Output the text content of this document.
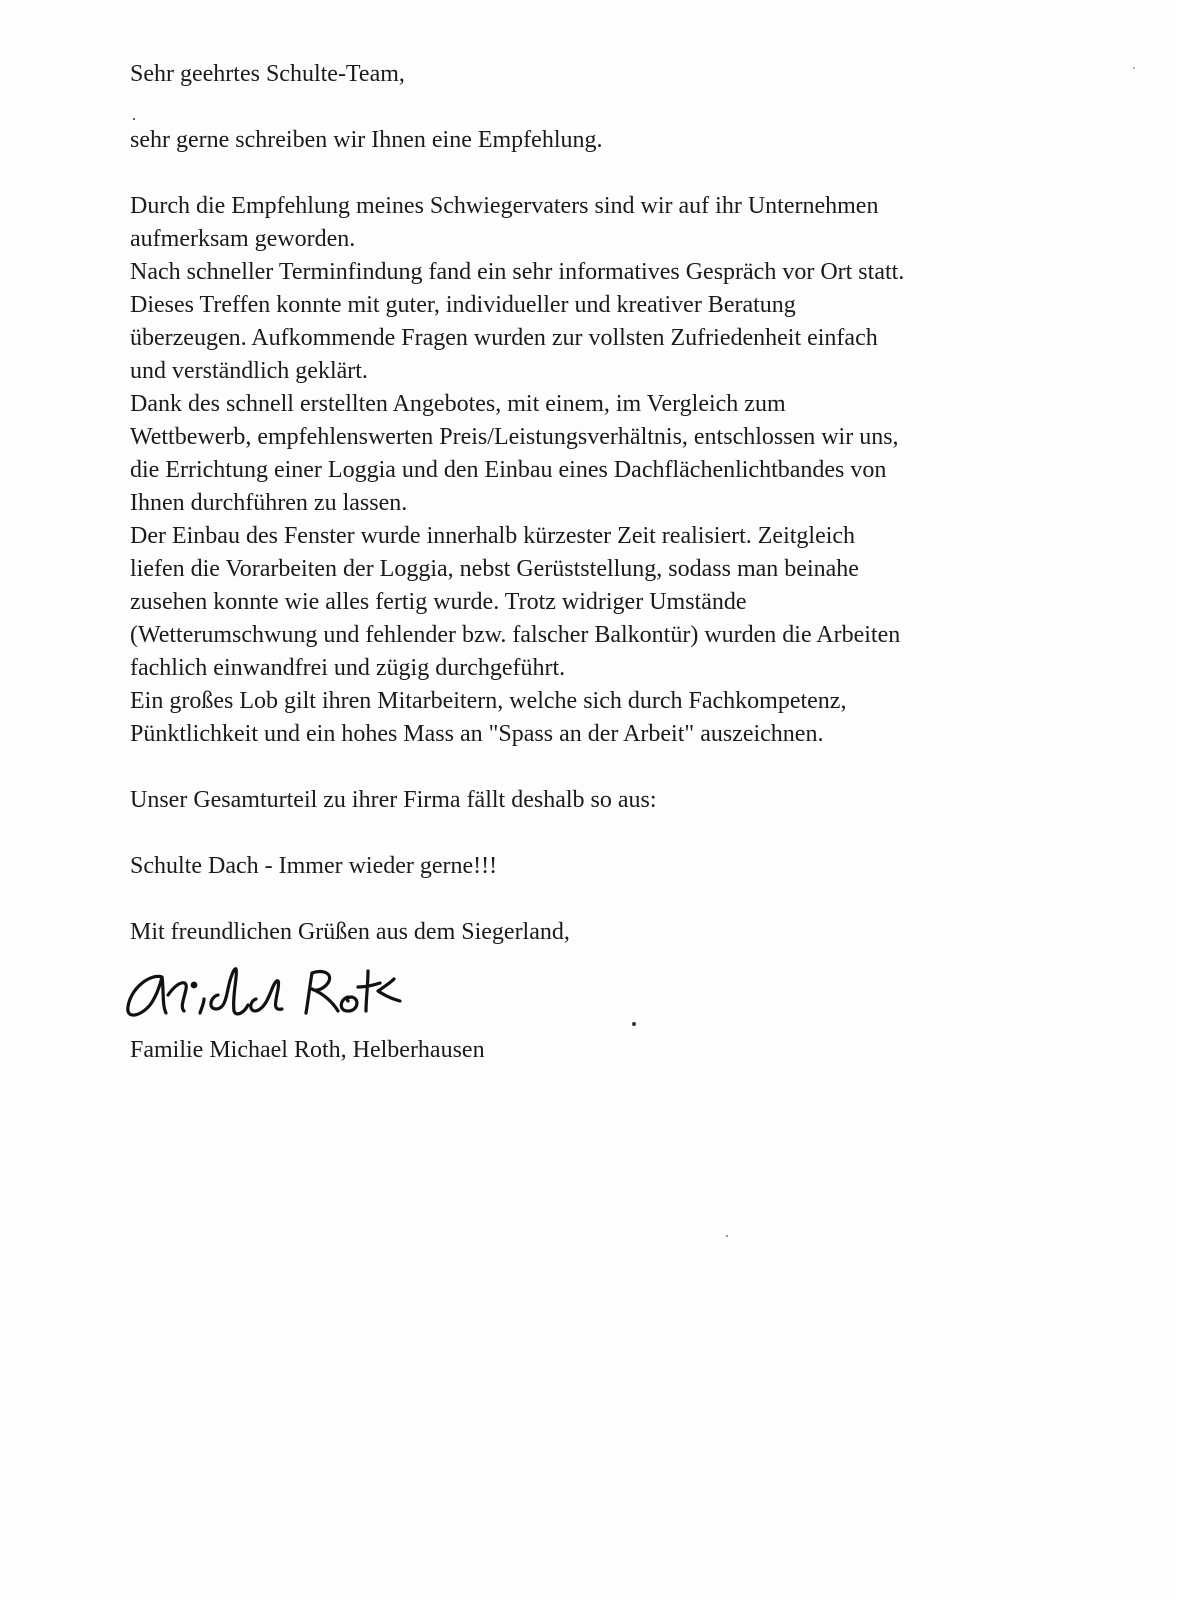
Sehr geehrtes Schulte-Team,

sehr gerne schreiben wir Ihnen eine Empfehlung.

Durch die Empfehlung meines Schwiegervaters sind wir auf ihr Unternehmen

aufmerksam geworden.

Nach schneller Terminfindung fand ein sehr informatives Gespräch vor Ort statt.

Dieses Treffen konnte mit guter, individueller und kreativer Beratung

überzeugen. Aufkommende Fragen wurden zur vollsten Zufriedenheit einfach

und verständlich geklärt.

Dank des schnell erstellten Angebotes, mit einem, im Vergleich zum

Wettbewerb, empfehlenswerten Preis/Leistungsverhältnis, entschlossen wir uns,

die Errichtung einer Loggia und den Einbau eines Dachflächenlichtbandes von

Ihnen durchführen zu lassen.

Der Einbau des Fenster wurde innerhalb kürzester Zeit realisiert. Zeitgleich

liefen die Vorarbeiten der Loggia, nebst Gerüststellung, sodass man beinahe

zusehen konnte wie alles fertig wurde. Trotz widriger Umstände

(Wetterumschwung und fehlender bzw. falscher Balkontür) wurden die Arbeiten

fachlich einwandfrei und zügig durchgeführt.

Ein großes Lob gilt ihren Mitarbeitern, welche sich durch Fachkompetenz,

Pünktlichkeit und ein hohes Mass an "Spass an der Arbeit" auszeichnen.

Unser Gesamturteil zu ihrer Firma fällt deshalb so aus:

Schulte Dach - Immer wieder gerne!!!

Mit freundlichen Grüßen aus dem Siegerland,

Familie Michael Roth, Helberhausen
